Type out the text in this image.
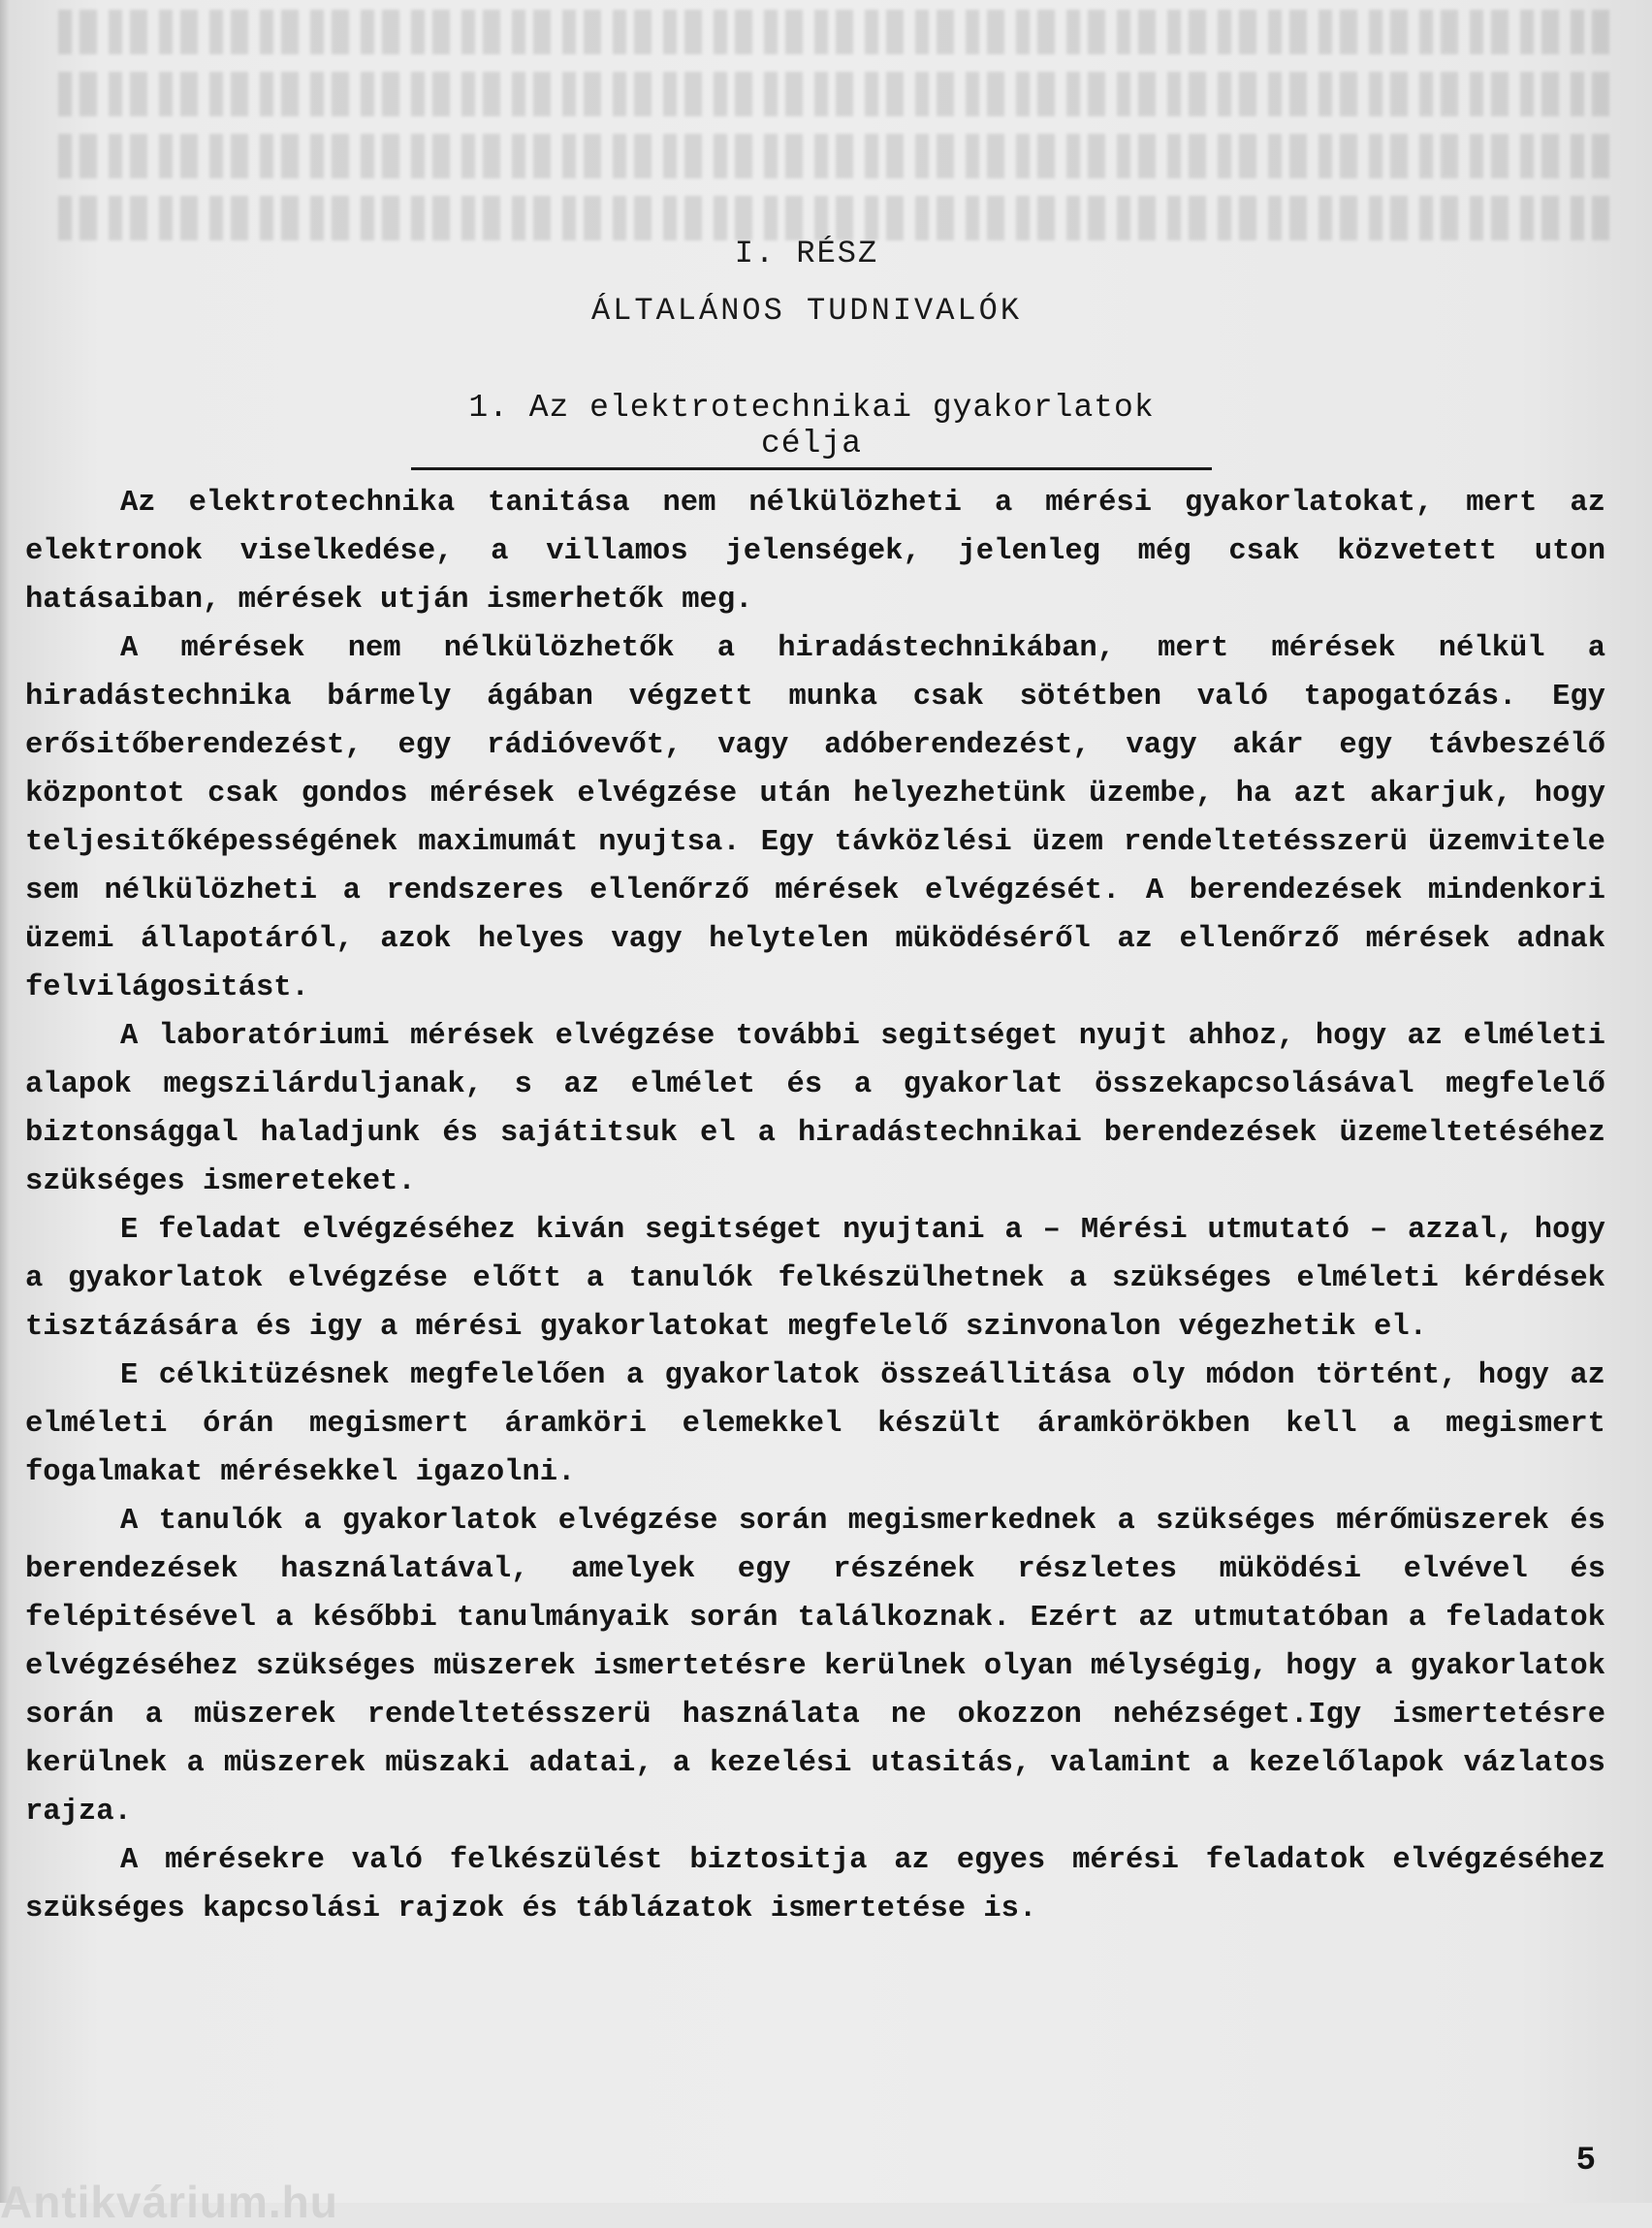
I. RÉSZ
ÁLTALÁNOS TUDNIVALÓK
1. Az elektrotechnikai gyakorlatok célja

Az elektrotechnika tanitása nem nélkülözheti a mérési gyakorlatokat, mert az elektronok viselkedése, a villamos jelenségek, jelenleg még csak közvetett uton hatásaiban, mérések utján ismerhetők meg.

A mérések nem nélkülözhetők a hiradástechnikában, mert mérések nélkül a hiradástechnika bármely ágában végzett munka csak sötétben való tapogatózás. Egy erősitőberendezést, egy rádióvevőt, vagy adóberendezést, vagy akár egy távbeszélő központot csak gondos mérések elvégzése után helyezhetünk üzembe, ha azt akarjuk, hogy teljesitőképességének maximumát nyujtsa. Egy távközlési üzem rendeltetésszerü üzemvitele sem nélkülözheti a rendszeres ellenőrző mérések elvégzését. A berendezések mindenkori üzemi állapotáról, azok helyes vagy helytelen müködéséről az ellenőrző mérések adnak felvilágositást.

A laboratóriumi mérések elvégzése további segitséget nyujt ahhoz, hogy az elméleti alapok megszilárduljanak, s az elmélet és a gyakorlat összekapcsolásával megfelelő biztonsággal haladjunk és sajátitsuk el a hiradástechnikai berendezések üzemeltetéséhez szükséges ismereteket.

E feladat elvégzéséhez kiván segitséget nyujtani a – Mérési utmutató – azzal, hogy a gyakorlatok elvégzése előtt a tanulók felkészülhetnek a szükséges elméleti kérdések tisztázására és igy a mérési gyakorlatokat megfelelő szinvonalon végezhetik el.

E célkitüzésnek megfelelően a gyakorlatok összeállitása oly módon történt, hogy az elméleti órán megismert áramköri elemekkel készült áramkörökben kell a megismert fogalmakat mérésekkel igazolni.

A tanulók a gyakorlatok elvégzése során megismerkednek a szükséges mérőmüszerek és berendezések használatával, amelyek egy részének részletes müködési elvével és felépitésével a későbbi tanulmányaik során találkoznak. Ezért az utmutatóban a feladatok elvégzéséhez szükséges müszerek ismertetésre kerülnek olyan mélységig, hogy a gyakorlatok során a müszerek rendeltetésszerü használata ne okozzon nehézséget.Igy ismertetésre kerülnek a müszerek müszaki adatai, a kezelési utasitás, valamint a kezelőlapok vázlatos rajza.

A mérésekre való felkészülést biztositja az egyes mérési feladatok elvégzéséhez szükséges kapcsolási rajzok és táblázatok ismertetése is.

5
Antikvárium.hu
